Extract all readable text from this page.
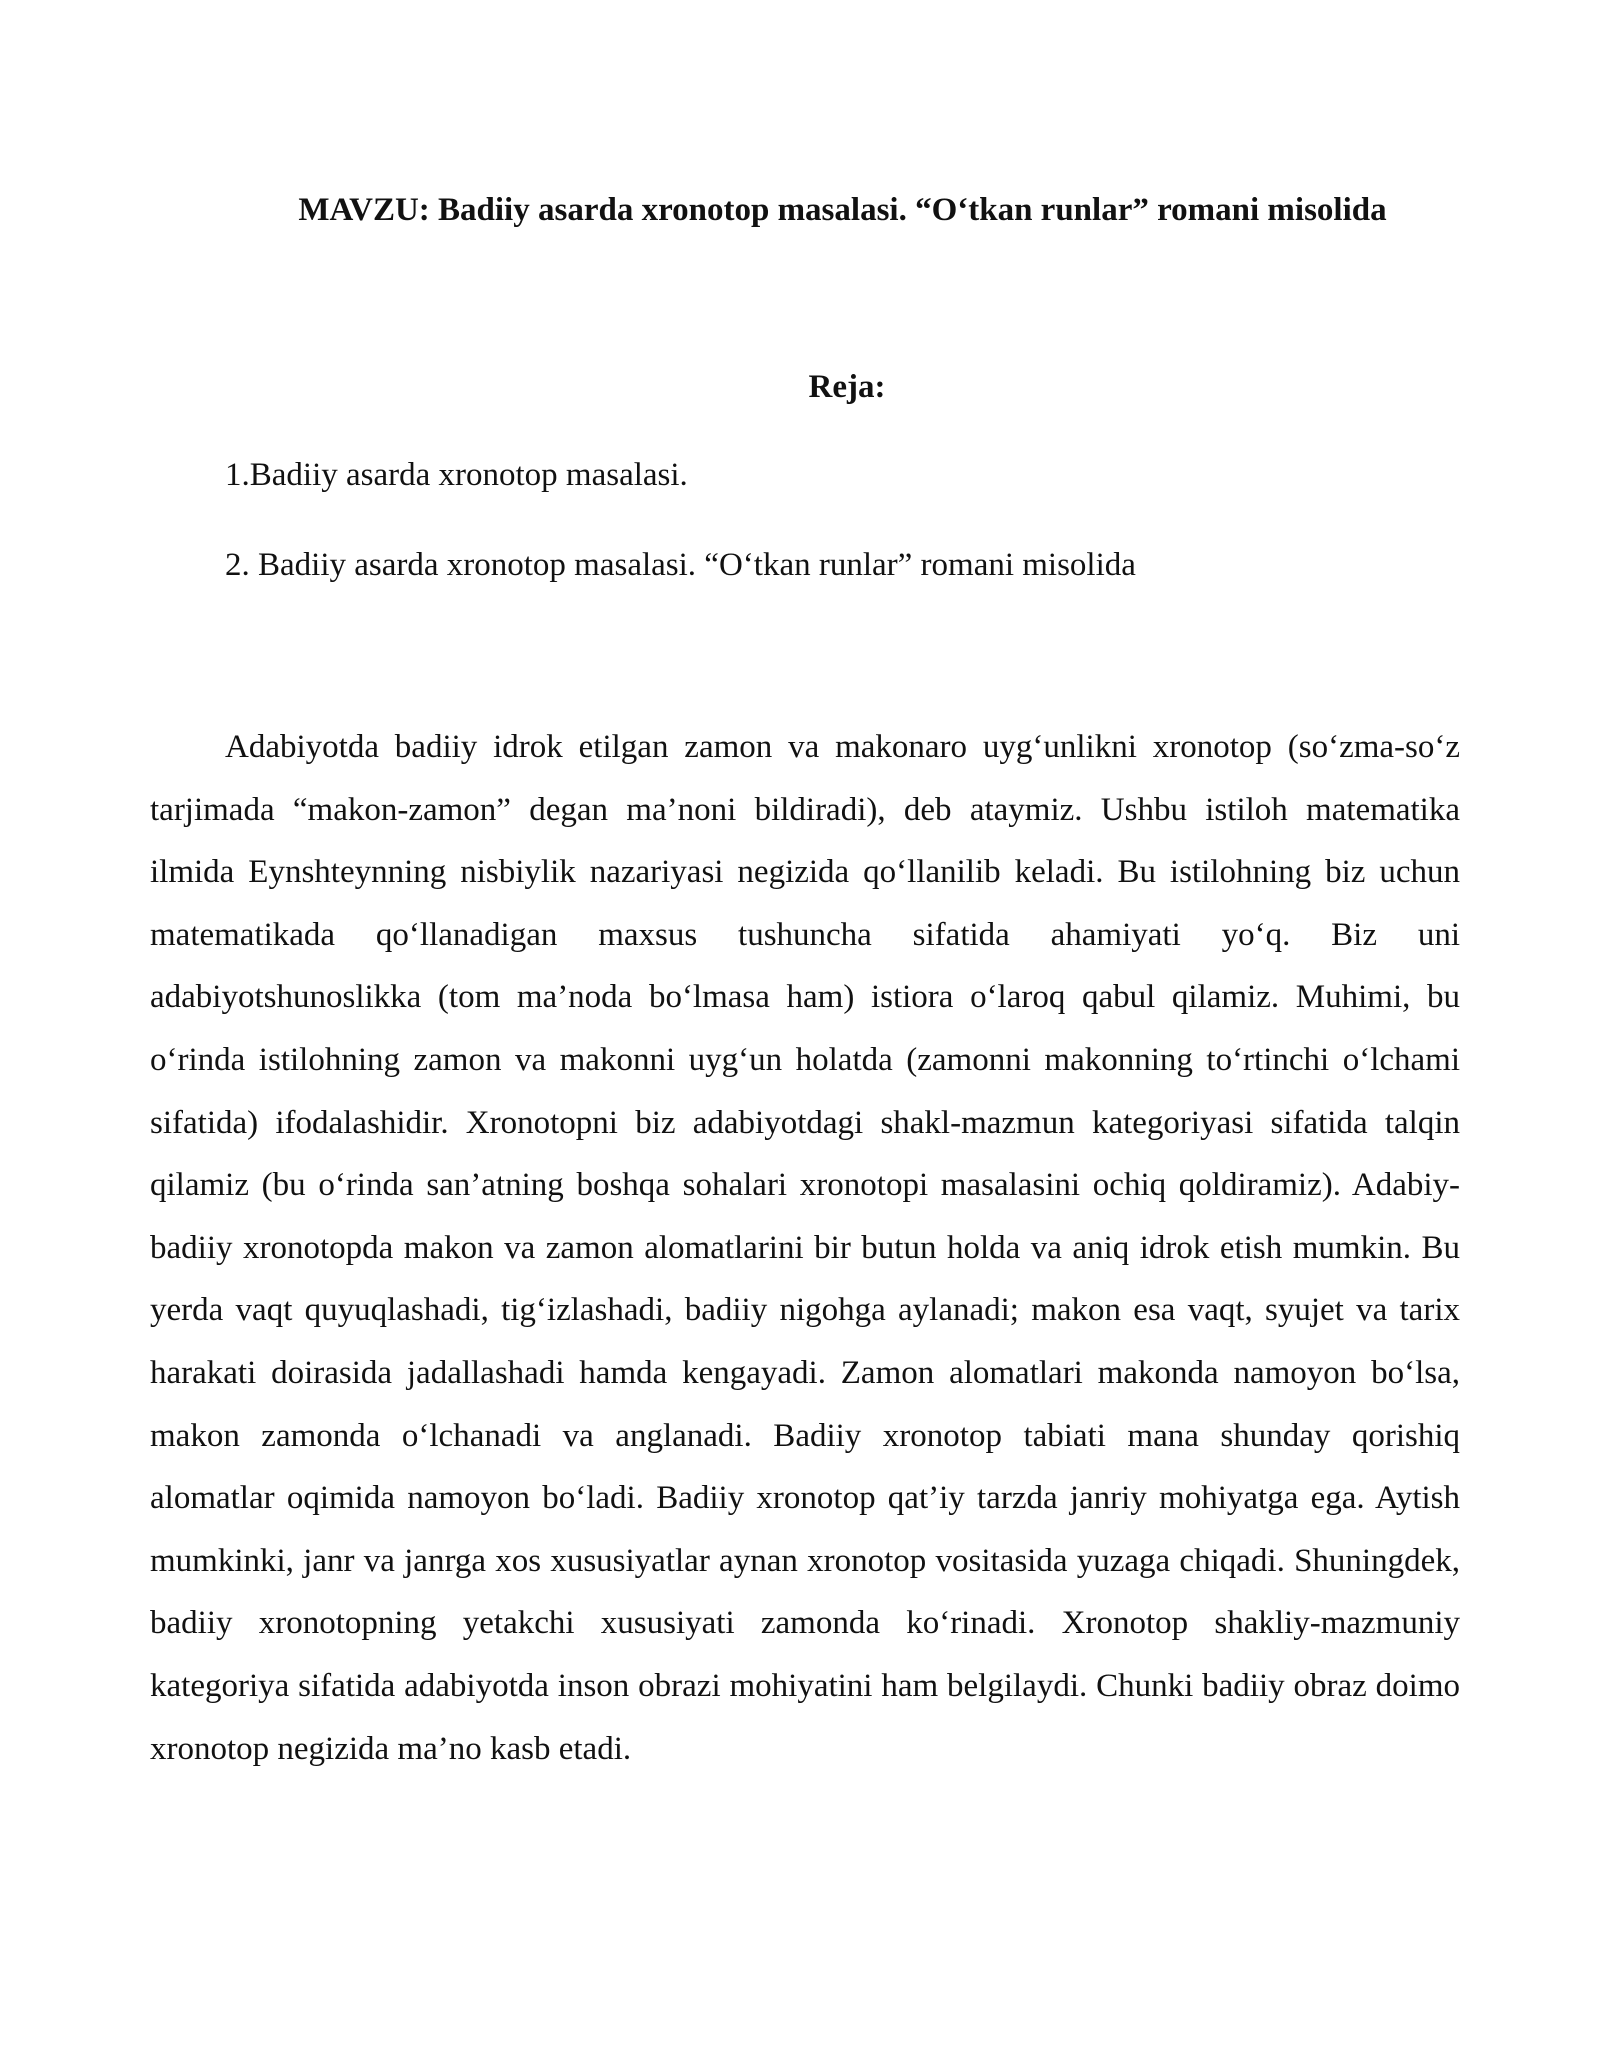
MAVZU: Badiiy asarda xronotop masalasi. “O‘tkan runlar” romani misolida
Reja:
1.Badiiy asarda xronotop masalasi.
2. Badiiy asarda xronotop masalasi. “O‘tkan runlar” romani misolida

Adabiyotda badiiy idrok etilgan zamon va makonaro uyg‘unlikni xronotop (so‘zma-so‘z tarjimada “makon-zamon” degan ma’noni bildiradi), deb ataymiz. Ushbu istiloh matematika ilmida Eynshteynning nisbiylik nazariyasi negizida qo‘llanilib keladi. Bu istilohning biz uchun matematikada qo‘llanadigan maxsus tushuncha sifatida ahamiyati yo‘q. Biz uni adabiyotshunoslikka (tom ma’noda bo‘lmasa ham) istiora o‘laroq qabul qilamiz. Muhimi, bu o‘rinda istilohning zamon va makonni uyg‘un holatda (zamonni makonning to‘rtinchi o‘lchami sifatida) ifodalashidir. Xronotopni biz adabiyotdagi shakl-mazmun kategoriyasi sifatida talqin qilamiz (bu o‘rinda san’atning boshqa sohalari xronotopi masalasini ochiq qoldiramiz). Adabiy-badiiy xronotopda makon va zamon alomatlarini bir butun holda va aniq idrok etish mumkin. Bu yerda vaqt quyuqlashadi, tig‘izlashadi, badiiy nigohga aylanadi; makon esa vaqt, syujet va tarix harakati doirasida jadallashadi hamda kengayadi. Zamon alomatlari makonda namoyon bo‘lsa, makon zamonda o‘lchanadi va anglanadi. Badiiy xronotop tabiati mana shunday qorishiq alomatlar oqimida namoyon bo‘ladi. Badiiy xronotop qat’iy tarzda janriy mohiyatga ega. Aytish mumkinki, janr va janrga xos xususiyatlar aynan xronotop vositasida yuzaga chiqadi. Shuningdek, badiiy xronotopning yetakchi xususiyati zamonda ko‘rinadi. Xronotop shakliy-mazmuniy kategoriya sifatida adabiyotda inson obrazi mohiyatini ham belgilaydi. Chunki badiiy obraz doimo xronotop negizida ma’no kasb etadi.
